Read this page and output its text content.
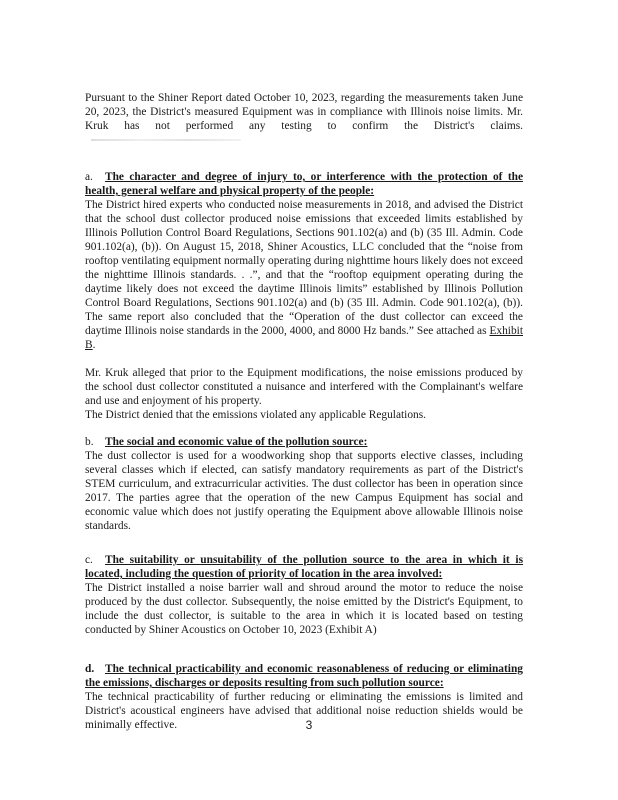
Pursuant to the Shiner Report dated October 10, 2023, regarding the measurements taken June 20, 2023, the District's measured Equipment was in compliance with Illinois noise limits. Mr. Kruk has not performed any testing to confirm the District's claims.

a. The character and degree of injury to, or interference with the protection of the health, general welfare and physical property of the people:

The District hired experts who conducted noise measurements in 2018, and advised the District that the school dust collector produced noise emissions that exceeded limits established by Illinois Pollution Control Board Regulations, Sections 901.102(a) and (b) (35 Ill. Admin. Code 901.102(a), (b)). On August 15, 2018, Shiner Acoustics, LLC concluded that the “noise from rooftop ventilating equipment normally operating during nighttime hours likely does not exceed the nighttime Illinois standards. . .”, and that the “rooftop equipment operating during the daytime likely does not exceed the daytime Illinois limits” established by Illinois Pollution Control Board Regulations, Sections 901.102(a) and (b) (35 Ill. Admin. Code 901.102(a), (b)). The same report also concluded that the “Operation of the dust collector can exceed the daytime Illinois noise standards in the 2000, 4000, and 8000 Hz bands.” See attached as Exhibit B.

Mr. Kruk alleged that prior to the Equipment modifications, the noise emissions produced by the school dust collector constituted a nuisance and interfered with the Complainant's welfare and use and enjoyment of his property.

The District denied that the emissions violated any applicable Regulations.

b. The social and economic value of the pollution source:

The dust collector is used for a woodworking shop that supports elective classes, including several classes which if elected, can satisfy mandatory requirements as part of the District's STEM curriculum, and extracurricular activities. The dust collector has been in operation since 2017. The parties agree that the operation of the new Campus Equipment has social and economic value which does not justify operating the Equipment above allowable Illinois noise standards.

c. The suitability or unsuitability of the pollution source to the area in which it is located, including the question of priority of location in the area involved:

The District installed a noise barrier wall and shroud around the motor to reduce the noise produced by the dust collector. Subsequently, the noise emitted by the District's Equipment, to include the dust collector, is suitable to the area in which it is located based on testing conducted by Shiner Acoustics on October 10, 2023 (Exhibit A)

d. The technical practicability and economic reasonableness of reducing or eliminating the emissions, discharges or deposits resulting from such pollution source:

The technical practicability of further reducing or eliminating the emissions is limited and District's acoustical engineers have advised that additional noise reduction shields would be minimally effective.	3
